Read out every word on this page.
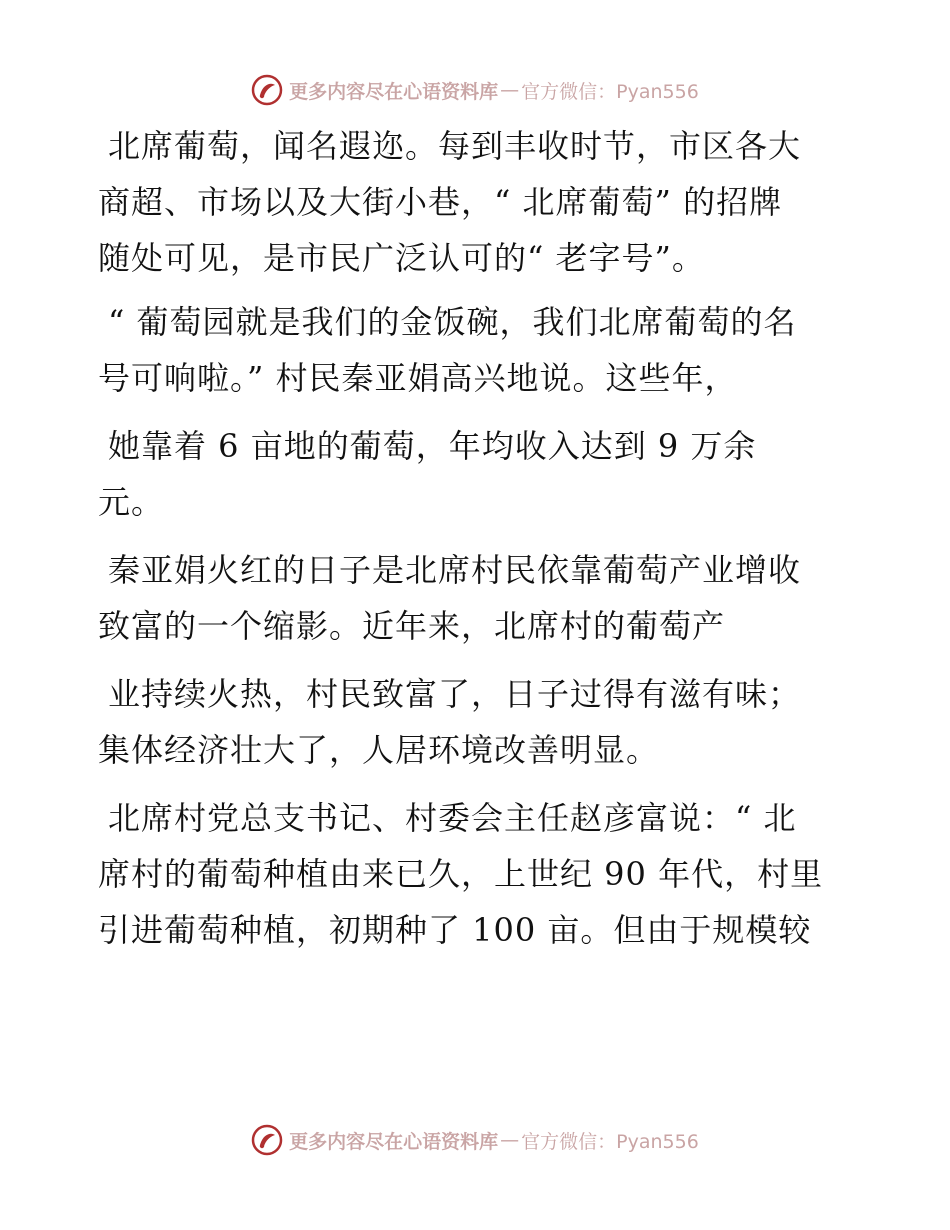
更多内容尽在心语资料库 — 官方微信：Pyan556
北席葡萄，闻名遐迩。每到丰收时节，市区各大
商超、市场以及大街小巷，“ 北席葡萄” 的招牌
随处可见，是市民广泛认可的“ 老字号”。
“ 葡萄园就是我们的金饭碗，我们北席葡萄的名
号可响啦。” 村民秦亚娟高兴地说。这些年，
她靠着 6 亩地的葡萄，年均收入达到 9 万余
元。
秦亚娟火红的日子是北席村民依靠葡萄产业增收
致富的一个缩影。近年来，北席村的葡萄产
业持续火热，村民致富了，日子过得有滋有味；
集体经济壮大了，人居环境改善明显。
北席村党总支书记、村委会主任赵彦富说：“ 北
席村的葡萄种植由来已久，上世纪 90 年代，村里
引进葡萄种植，初期种了 100 亩。但由于规模较
更多内容尽在心语资料库 — 官方微信：Pyan556
